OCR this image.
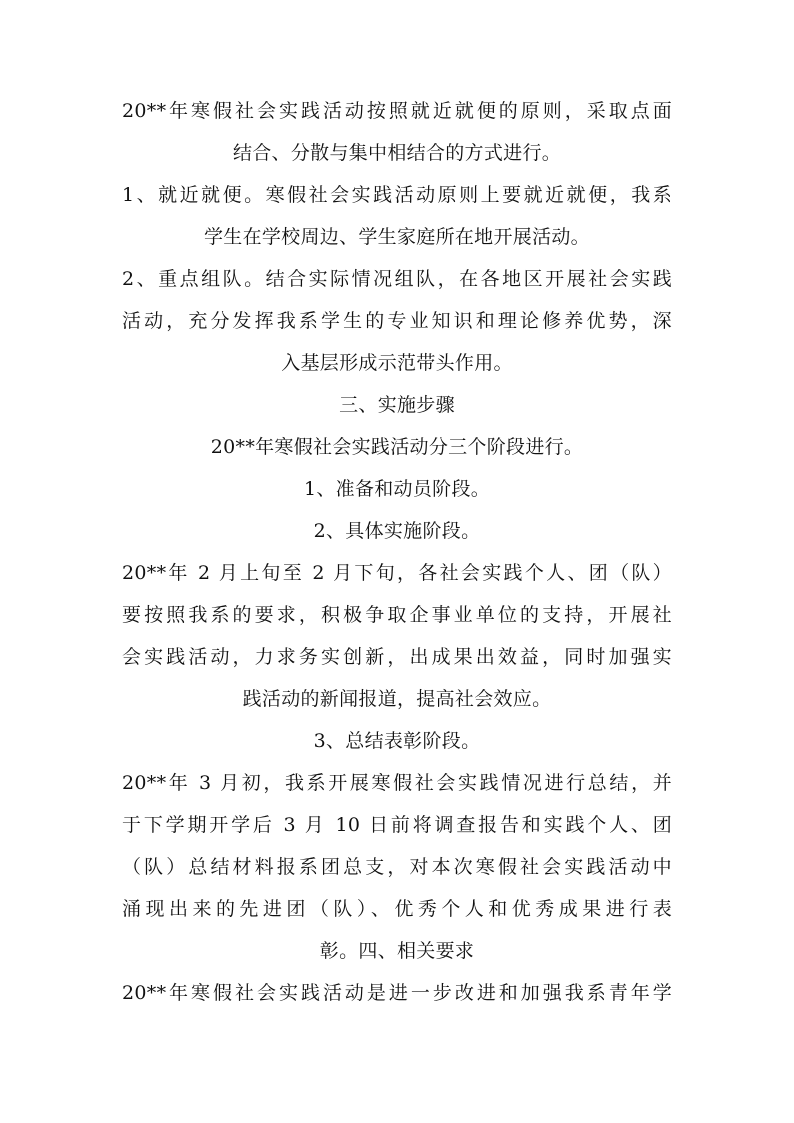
20**年寒假社会实践活动按照就近就便的原则，采取点面
结合、分散与集中相结合的方式进行。
1、就近就便。寒假社会实践活动原则上要就近就便，我系
学生在学校周边、学生家庭所在地开展活动。
2、重点组队。结合实际情况组队，在各地区开展社会实践
活动，充分发挥我系学生的专业知识和理论修养优势，深
入基层形成示范带头作用。
三、实施步骤
20**年寒假社会实践活动分三个阶段进行。
1、准备和动员阶段。
2、具体实施阶段。
20**年 2 月上旬至 2 月下旬，各社会实践个人、团（队）
要按照我系的要求，积极争取企事业单位的支持，开展社
会实践活动，力求务实创新，出成果出效益，同时加强实
践活动的新闻报道，提高社会效应。
3、总结表彰阶段。
20**年 3 月初，我系开展寒假社会实践情况进行总结，并
于下学期开学后 3 月 10 日前将调查报告和实践个人、团
（队）总结材料报系团总支，对本次寒假社会实践活动中
涌现出来的先进团（队）、优秀个人和优秀成果进行表
彰。四、相关要求
20**年寒假社会实践活动是进一步改进和加强我系青年学
